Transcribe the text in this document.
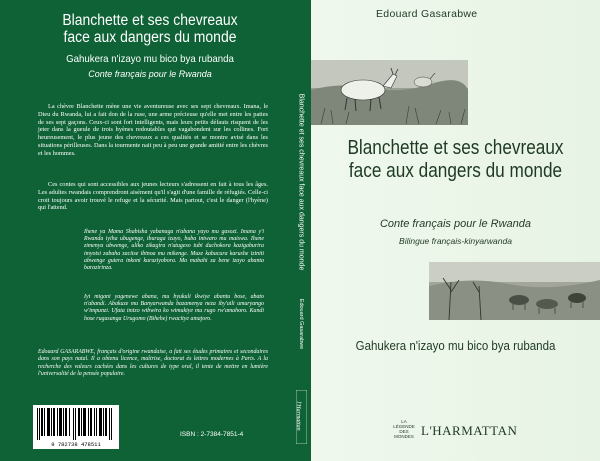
Blanchette et ses chevreaux
face aux dangers du monde

Gahukera n'izayo mu bico bya rubanda

Conte français pour le Rwanda

La chèvre Blanchette mène une vie aventureuse avec ses sept chevreaux. Imana, le Dieu du Rwanda, lui a fait don de la ruse, une arme précieuse qu'elle met entre les pattes de ses sept gaçons. Ceux-ci sont fort intelligents, mais leurs petits défauts risquent de les jeter dans la gueule de trois hyènes redoutables qui vagabondent sur les collines. Fort heureusement, le plus jeune des chevreaux a ces qualités et se montre avisé dans les situations périlleuses. Dans la tourmente nait peu à peu une grande amitié entre les chèvres et les hommes.

Ces contes qui sont accessibles aux jeunes lecteurs s'adressent en fait à tous les âges. Les adultes rwandais comprendront aisément qu'il s'agit d'une famille de réfugiés. Celle-ci croit toujours avoir trouvé le refuge et la sécurité. Mais partout, c'est le danger (l'hyène) qui l'attend.

Ihene ya Mama Shabisha yabanaga n'abana yayo mu gasozi. Imana y'i Rwanda iyiha ubugenge, iburaga izayo, buba intwaro mu maiswa. Ihene zimenya ubwenge, uliko zikagira n'utugeso tubi duchokora kazigaburira imyotsi zabaha zacitse ibinoa mu mikenge. Muze kabacura karushe iziniti abwenge gutera inkoni kuruziyobora. Ma mabahi za bene izayo abanta barazirinza.

Iyi migani yagenewe abana, mu byukuli ikwiye abantu bose, abato n'abandi. Abakuze mu Banyarwanda bazamenya neza iby'aili umuryango w'impunzi. Ufata imizo wibwira ko wimukiye mu rugo rw'amahoro. Kandi hose rugasanga Urugomo (Bihehe) rwacitye amajoro.

Edouard GASARABWE, français d'origine rwandaise, a fait ses études primaires et secondaires dans son pays natal. Il a obtenu licence, maîtrise, doctorat ès lettres modernes à Paris. A la recherche des valeurs cachées dans les cultures de type oral, il tente de mettre en lumière l'universalité de la pensée populaire.

9 782738 478511
ISBN : 2-7384-7851-4
Blanchette et ses chevreaux face aux dangers du monde
Edouard Gasarabwe
l'Harmattan

Edouard Gasarabwe

Blanchette et ses chevreaux
face aux dangers du monde

Conte français pour le Rwanda

Bilingue français-kinyarwanda

Gahukera n'izayo mu bico bya rubanda

LA LÉGENDE DES MONDES L'HARMATTAN
